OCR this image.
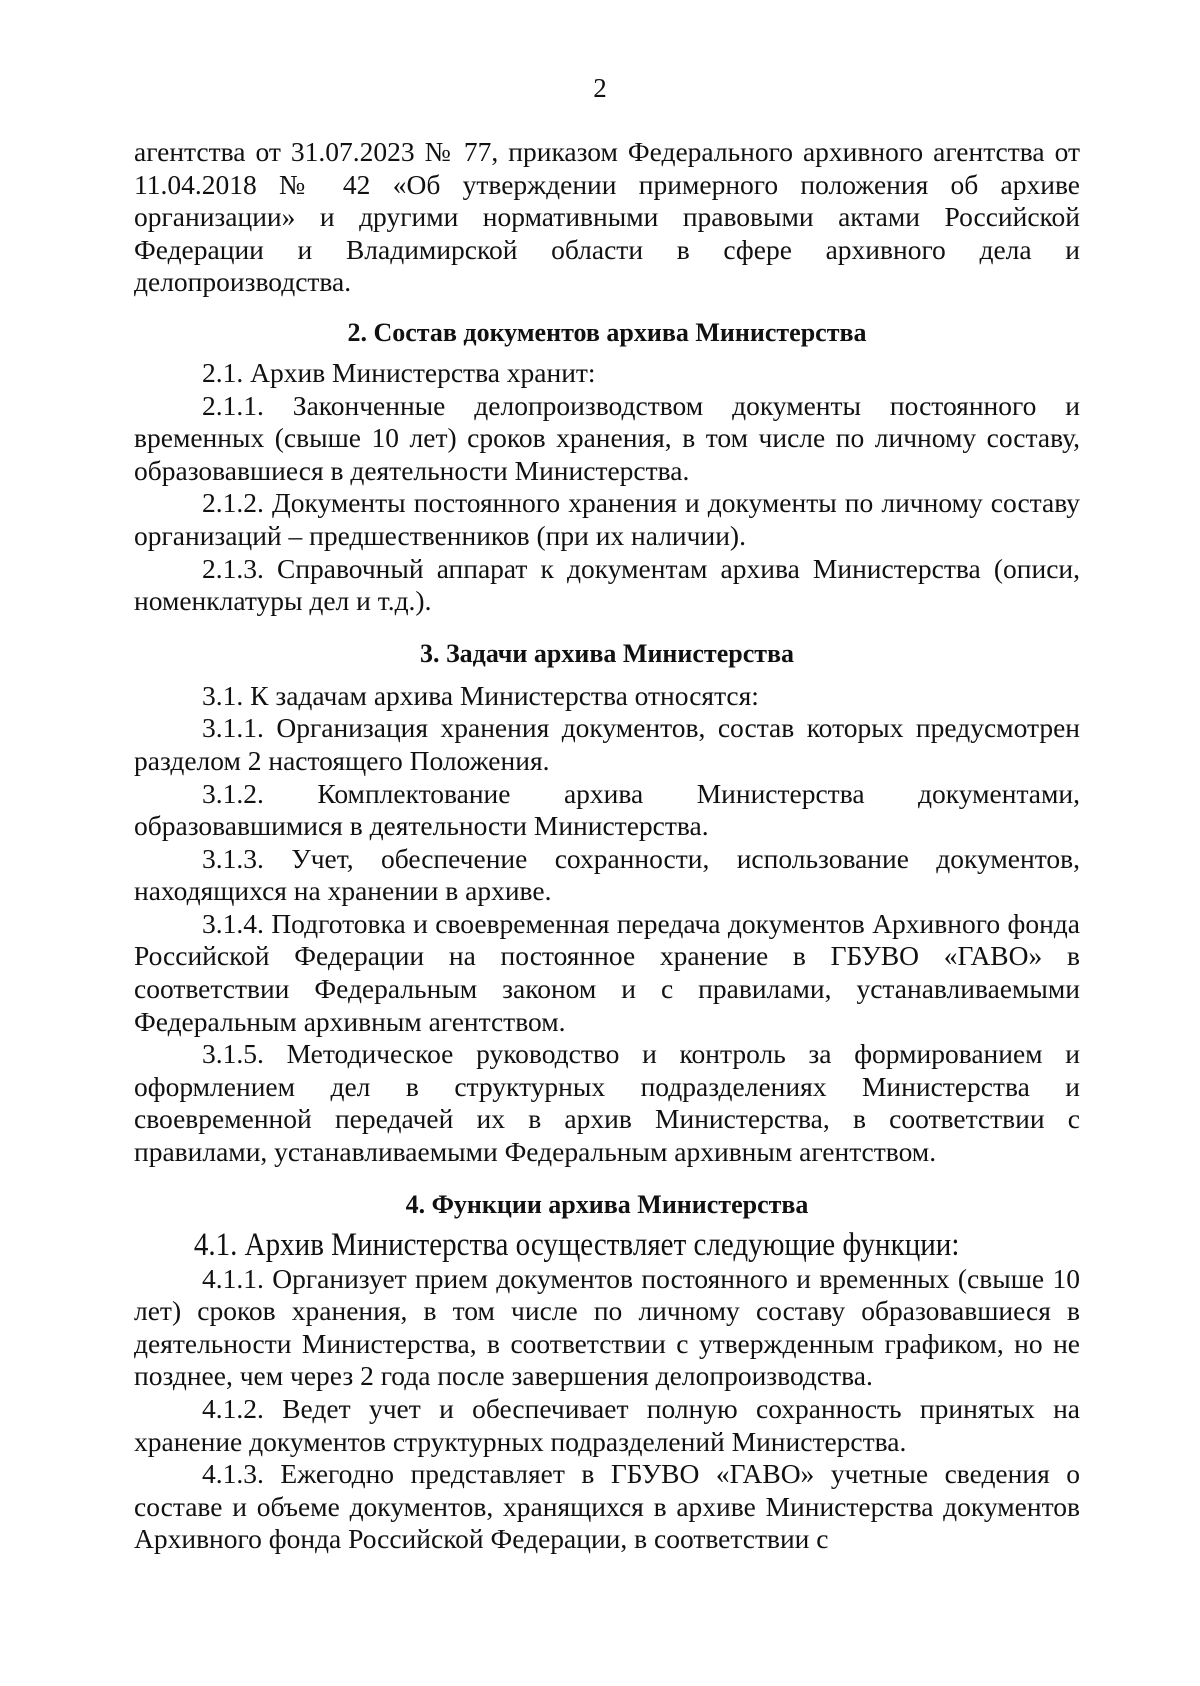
2

агентства от 31.07.2023 № 77, приказом Федерального архивного агентства от 11.04.2018 № 42 «Об утверждении примерного положения об архиве организации» и другими нормативными правовыми актами Российской Федерации и Владимирской области в сфере архивного дела и делопроизводства.

2. Состав документов архива Министерства

2.1. Архив Министерства хранит:

2.1.1. Законченные делопроизводством документы постоянного и временных (свыше 10 лет) сроков хранения, в том числе по личному составу, образовавшиеся в деятельности Министерства.

2.1.2. Документы постоянного хранения и документы по личному составу организаций – предшественников (при их наличии).

2.1.3. Справочный аппарат к документам архива Министерства (описи, номенклатуры дел и т.д.).

3. Задачи архива Министерства

3.1. К задачам архива Министерства относятся:

3.1.1. Организация хранения документов, состав которых предусмотрен разделом 2 настоящего Положения.

3.1.2. Комплектование архива Министерства документами, образовавшимися в деятельности Министерства.

3.1.3. Учет, обеспечение сохранности, использование документов, находящихся на хранении в архиве.

3.1.4. Подготовка и своевременная передача документов Архивного фонда Российской Федерации на постоянное хранение в ГБУВО «ГАВО» в соответствии Федеральным законом и с правилами, устанавливаемыми Федеральным архивным агентством.

3.1.5. Методическое руководство и контроль за формированием и оформлением дел в структурных подразделениях Министерства и своевременной передачей их в архив Министерства, в соответствии с правилами, устанавливаемыми Федеральным архивным агентством.

4. Функции архива Министерства

4.1. Архив Министерства осуществляет следующие функции:

4.1.1. Организует прием документов постоянного и временных (свыше 10 лет) сроков хранения, в том числе по личному составу образовавшиеся в деятельности Министерства, в соответствии с утвержденным графиком, но не позднее, чем через 2 года после завершения делопроизводства.

4.1.2. Ведет учет и обеспечивает полную сохранность принятых на хранение документов структурных подразделений Министерства.

4.1.3. Ежегодно представляет в ГБУВО «ГАВО» учетные сведения о составе и объеме документов, хранящихся в архиве Министерства документов Архивного фонда Российской Федерации, в соответствии с
